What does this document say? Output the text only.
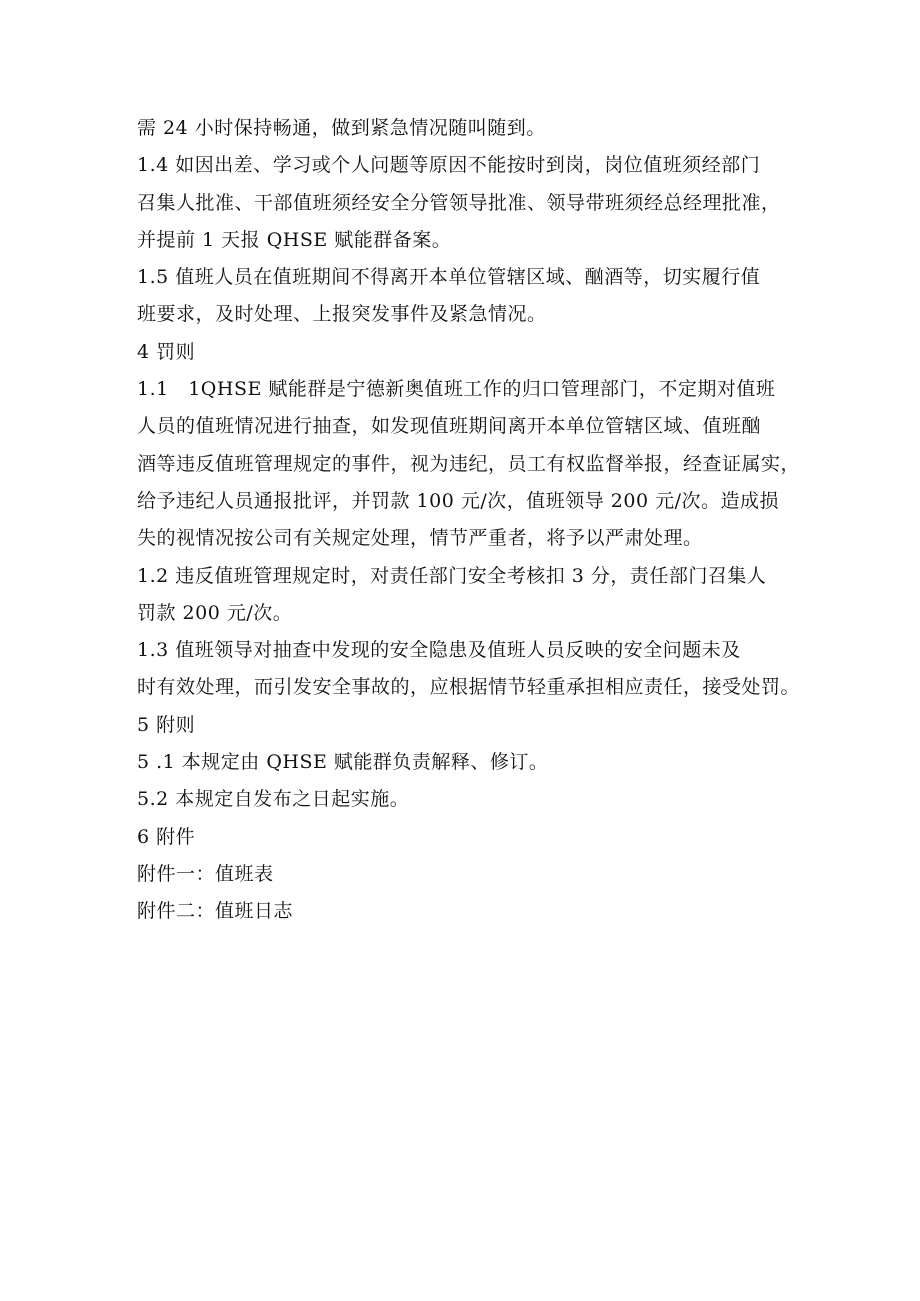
需 24 小时保持畅通，做到紧急情况随叫随到。
1.4 如因出差、学习或个人问题等原因不能按时到岗，岗位值班须经部门
召集人批准、干部值班须经安全分管领导批准、领导带班须经总经理批准，
并提前 1 天报 QHSE 赋能群备案。
1.5 值班人员在值班期间不得离开本单位管辖区域、酗酒等，切实履行值
班要求，及时处理、上报突发事件及紧急情况。
4 罚则
1.1　1QHSE 赋能群是宁德新奥值班工作的归口管理部门，不定期对值班
人员的值班情况进行抽查，如发现值班期间离开本单位管辖区域、值班酗
酒等违反值班管理规定的事件，视为违纪，员工有权监督举报，经查证属实，
给予违纪人员通报批评，并罚款 100 元/次，值班领导 200 元/次。造成损
失的视情况按公司有关规定处理，情节严重者，将予以严肃处理。
1.2 违反值班管理规定时，对责任部门安全考核扣 3 分，责任部门召集人
罚款 200 元/次。
1.3 值班领导对抽查中发现的安全隐患及值班人员反映的安全问题未及
时有效处理，而引发安全事故的，应根据情节轻重承担相应责任，接受处罚。
5 附则
5 .1 本规定由 QHSE 赋能群负责解释、修订。
5.2 本规定自发布之日起实施。
6 附件
附件一：值班表
附件二：值班日志
